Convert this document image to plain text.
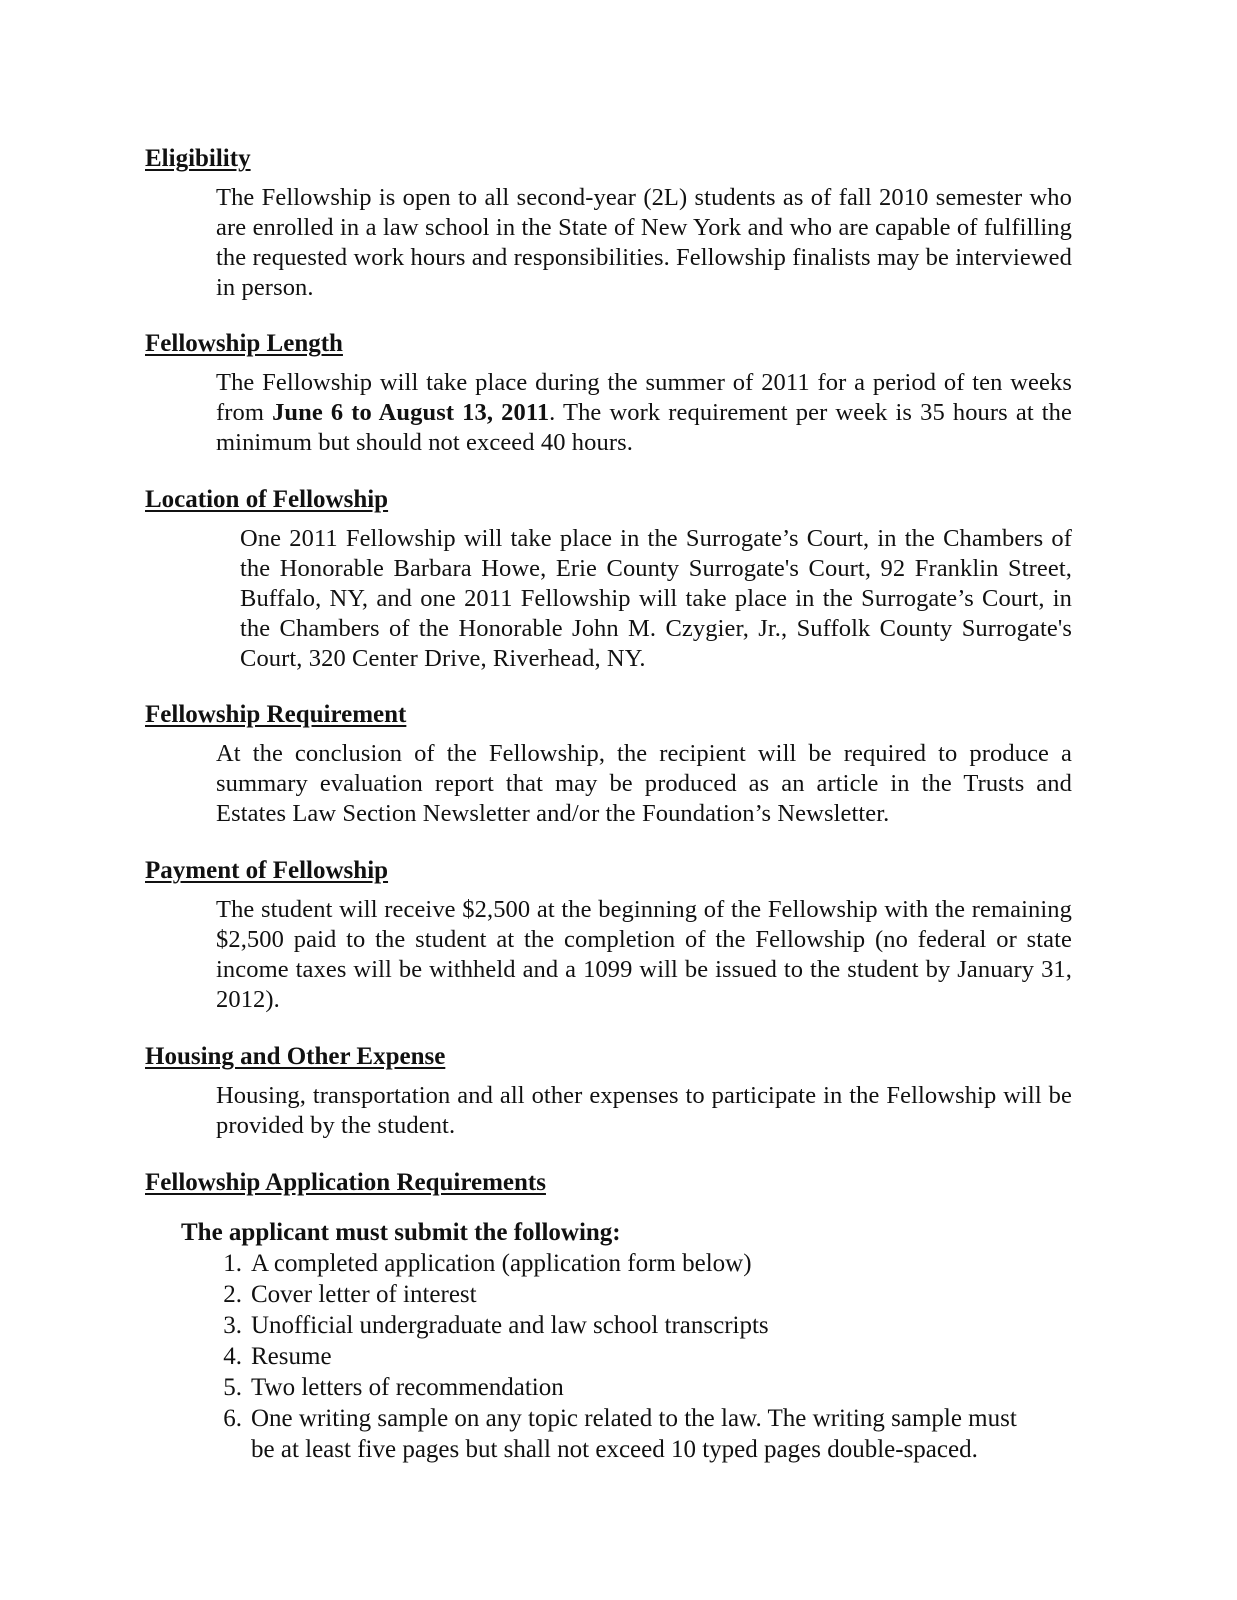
Eligibility
The Fellowship is open to all second-year (2L) students as of fall 2010 semester who are enrolled in a law school in the State of New York and who are capable of fulfilling the requested work hours and responsibilities. Fellowship finalists may be interviewed in person.
Fellowship Length
The Fellowship will take place during the summer of 2011 for a period of ten weeks from June 6 to August 13, 2011. The work requirement per week is 35 hours at the minimum but should not exceed 40 hours.
Location of Fellowship
One 2011 Fellowship will take place in the Surrogate’s Court, in the Chambers of the Honorable Barbara Howe, Erie County Surrogate's Court, 92 Franklin Street, Buffalo, NY, and one 2011 Fellowship will take place in the Surrogate’s Court, in the Chambers of the Honorable John M. Czygier, Jr., Suffolk County Surrogate's Court, 320 Center Drive, Riverhead, NY.
Fellowship Requirement
At the conclusion of the Fellowship, the recipient will be required to produce a summary evaluation report that may be produced as an article in the Trusts and Estates Law Section Newsletter and/or the Foundation’s Newsletter.
Payment of Fellowship
The student will receive $2,500 at the beginning of the Fellowship with the remaining $2,500 paid to the student at the completion of the Fellowship (no federal or state income taxes will be withheld and a 1099 will be issued to the student by January 31, 2012).
Housing and Other Expense
Housing, transportation and all other expenses to participate in the Fellowship will be provided by the student.
Fellowship Application Requirements
The applicant must submit the following:
1. A completed application (application form below)
2. Cover letter of interest
3. Unofficial undergraduate and law school transcripts
4. Resume
5. Two letters of recommendation
6. One writing sample on any topic related to the law. The writing sample must be at least five pages but shall not exceed 10 typed pages double-spaced.
